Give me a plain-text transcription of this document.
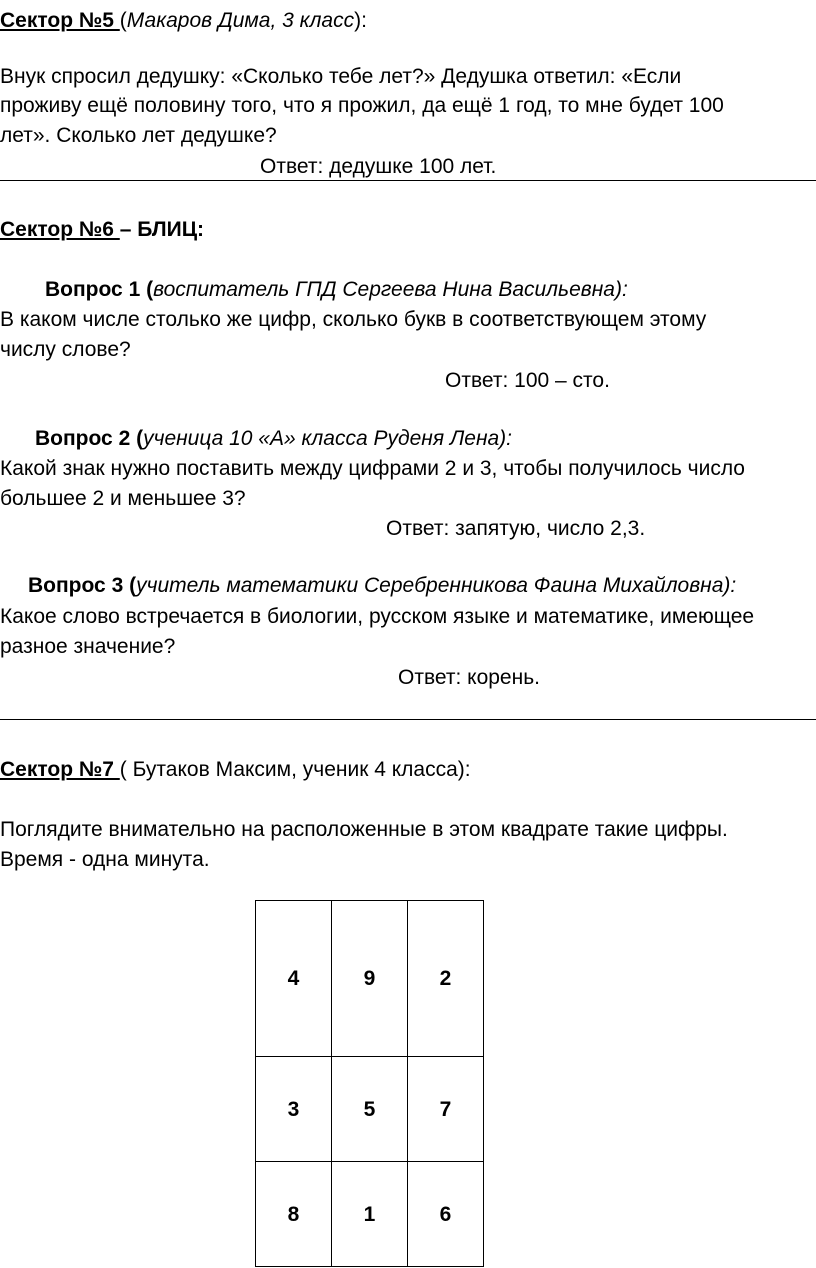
Сектор №5 (Макаров Дима, 3 класс):
Внук спросил дедушку: «Сколько тебе лет?» Дедушка ответил: «Если
проживу ещё половину того, что я прожил, да ещё 1 год, то мне будет 100
лет». Сколько лет дедушке?
Ответ: дедушке 100 лет.
Сектор №6 – БЛИЦ:
Вопрос 1 (воспитатель ГПД Сергеева Нина Васильевна):
В каком числе столько же цифр, сколько букв в соответствующем этому
числу слове?
Ответ: 100 – сто.
Вопрос 2 (ученица 10 «А» класса Руденя Лена):
Какой знак нужно поставить между цифрами 2 и 3, чтобы получилось число
большее 2 и меньшее 3?
Ответ: запятую, число 2,3.
Вопрос 3 (учитель математики Серебренникова Фаина Михайловна):
Какое слово встречается в биологии, русском языке и математике, имеющее
разное значение?
Ответ: корень.
Сектор №7 ( Бутаков Максим, ученик 4 класса):
Поглядите внимательно на расположенные в этом квадрате такие цифры.
Время - одна минута.
4	9	2
3	5	7
8	1	6
